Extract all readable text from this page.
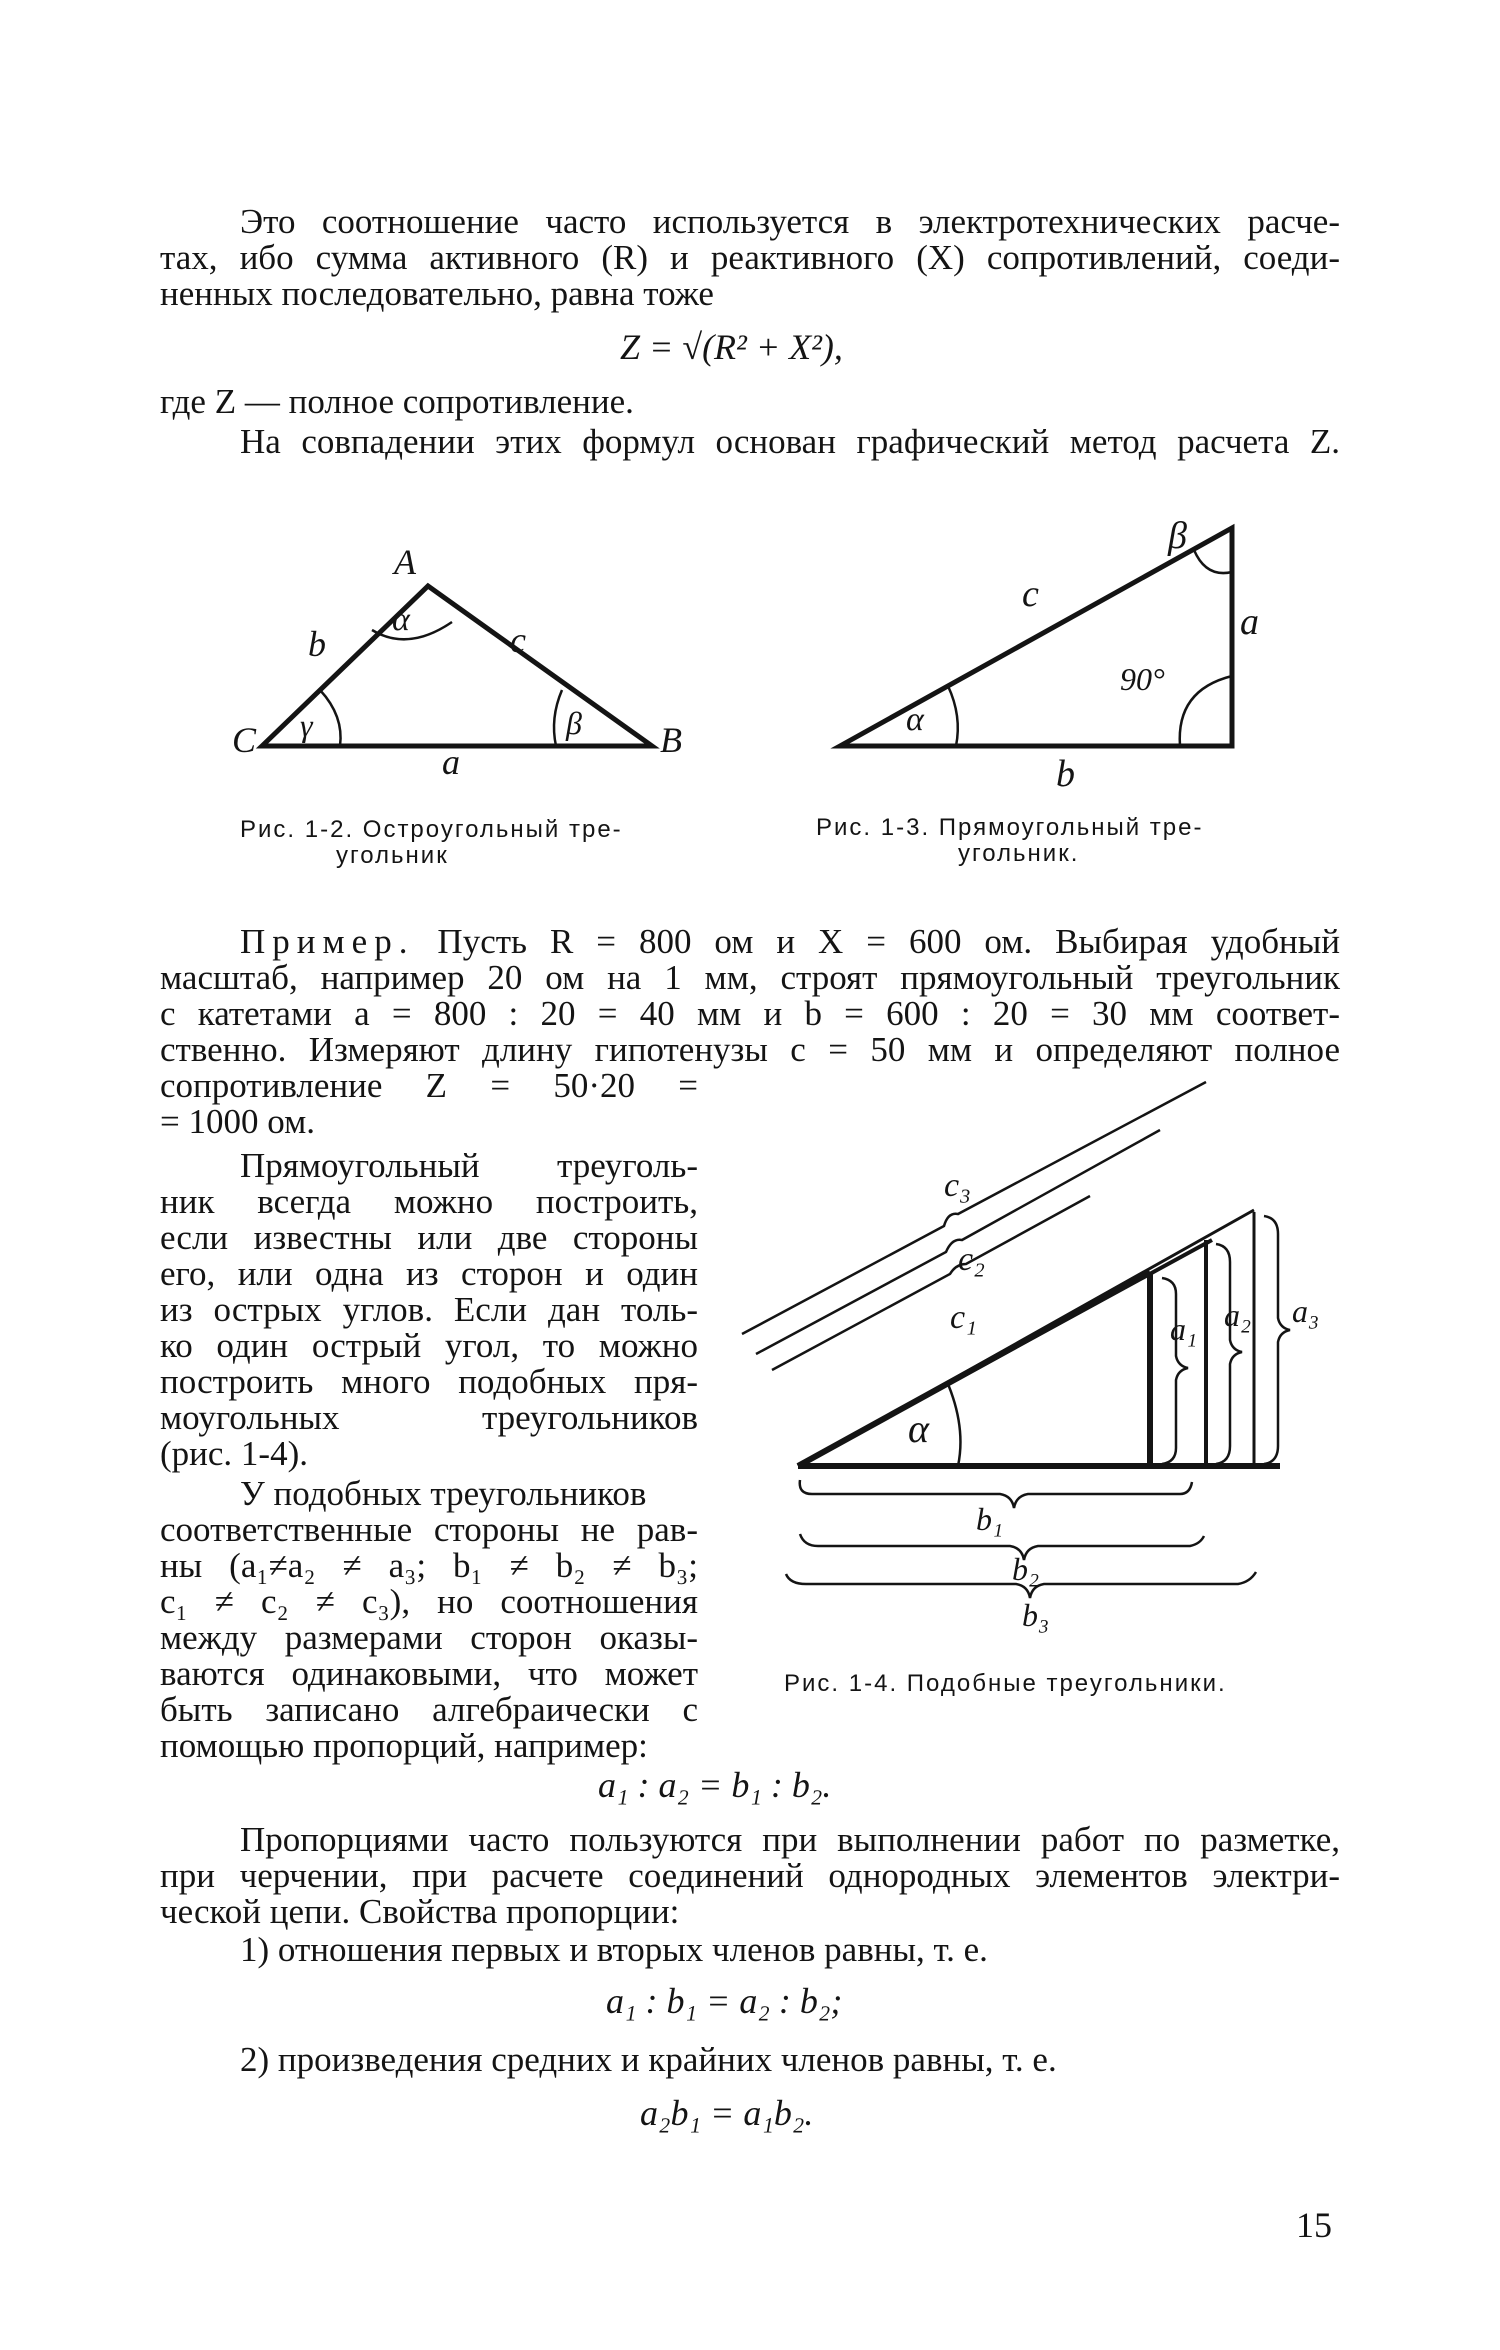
Это соотношение часто используется в электротехнических расче-

тах, ибо сумма активного (R) и реактивного (X) сопротивлений, соеди-

ненных последовательно, равна тоже

Z = √(R² + X²),

где Z — полное сопротивление.

На совпадении этих формул основан графический метод расчета Z.

A
B
C
a
b	c
α
γ	β
Рис. 1-2. Остроугольный тре-
угольник
a
b
c
α
β
90°
Рис. 1-3. Прямоугольный тре-
угольник.

Пример. Пусть R = 800 ом и X = 600 ом. Выбирая удобный

масштаб, например 20 ом на 1 мм, строят прямоугольный треугольник

с катетами a = 800 : 20 = 40 мм и b = 600 : 20 = 30 мм соответ-

ственно. Измеряют длину гипотенузы c = 50 мм и определяют полное

сопротивление Z = 50·20 =

= 1000 ом.

Прямоугольный треуголь-

ник всегда можно построить,

если известны или две стороны

его, или одна из сторон и один

из острых углов. Если дан толь-

ко один острый угол, то можно

построить много подобных пря-

моугольных треугольников

(рис. 1-4).

У подобных треугольников

соответственные стороны не рав-

ны (a₁≠a₂ ≠ a₃; b₁ ≠ b₂ ≠ b₃;

c₁ ≠ c₂ ≠ c₃), но соотношения

между размерами сторон оказы-

ваются одинаковыми, что может

быть записано алгебраически с

помощью пропорций, например:

c₁
c₂
c₃
a₁ a₂ a₃
b₁
b₂
b₃
α
Рис. 1-4. Подобные треугольники.
a₁ : a₂ = b₁ : b₂.

Пропорциями часто пользуются при выполнении работ по разметке,

при черчении, при расчете соединений однородных элементов электри-

ческой цепи. Свойства пропорции:

1) отношения первых и вторых членов равны, т. е.

a₁ : b₁ = a₂ : b₂;

2) произведения средних и крайних членов равны, т. е.

a₂b₁ = a₁b₂.
15
